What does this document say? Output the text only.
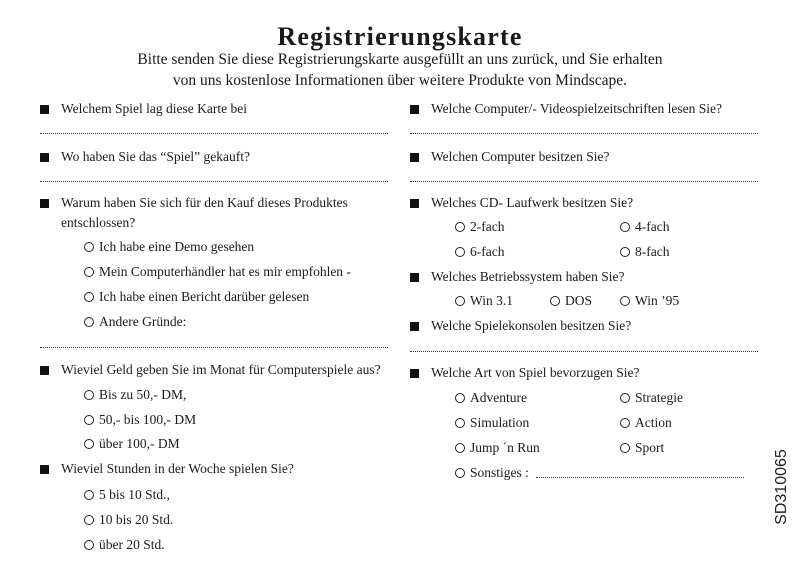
Registrierungskarte
Bitte senden Sie diese Registrierungskarte ausgefüllt an uns zurück, und Sie erhalten
von uns kostenlose Informationen über weitere Produkte von Mindscape.
Welchem Spiel lag diese Karte bei
Wo haben Sie das “Spiel” gekauft?
Warum haben Sie sich für den Kauf dieses Produktes
entschlossen?
Ich habe eine Demo gesehen
Mein Computerhändler hat es mir empfohlen -
Ich habe einen Bericht darüber gelesen
Andere Gründe:
Wieviel Geld geben Sie im Monat für Computerspiele aus?
Bis zu 50,- DM,
50,- bis 100,- DM
über 100,- DM
Wieviel Stunden in der Woche spielen Sie?
5 bis 10 Std.,
10 bis 20 Std.
über 20 Std.
Welche Computer/- Videospielzeitschriften lesen Sie?
Welchen Computer besitzen Sie?
Welches CD- Laufwerk besitzen Sie?
2-fach	4-fach
6-fach	8-fach
Welches Betriebssystem haben Sie?
Win 3.1	DOS	Win ’95
Welche Spielekonsolen besitzen Sie?
Welche Art von Spiel bevorzugen Sie?
Adventure	Strategie
Simulation	Action
Jump ´n Run	Sport
Sonstiges :	SD310065
